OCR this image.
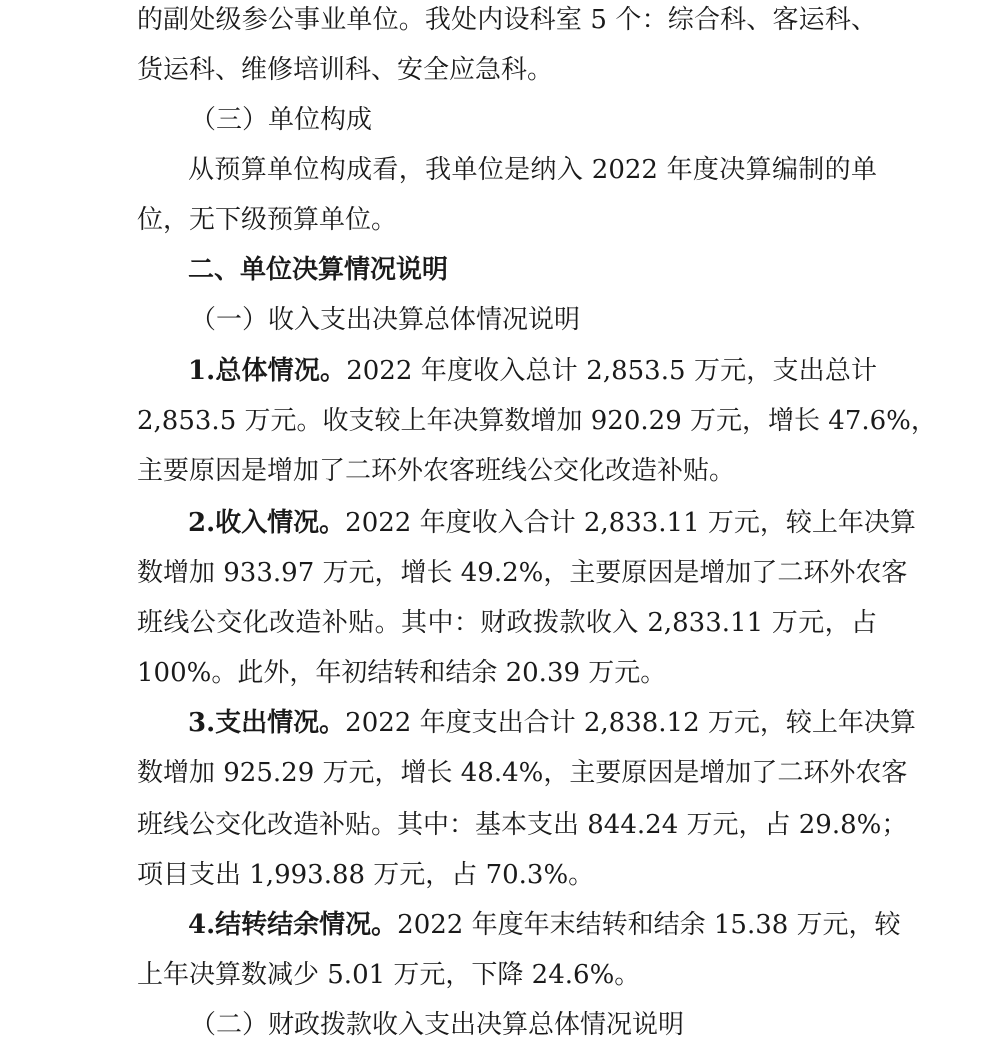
的副处级参公事业单位。我处内设科室 5 个：综合科、客运科、
货运科、维修培训科、安全应急科。
（三）单位构成
从预算单位构成看，我单位是纳入 2022 年度决算编制的单
位，无下级预算单位。
二、单位决算情况说明
（一）收入支出决算总体情况说明
1.总体情况。2022 年度收入总计 2,853.5 万元，支出总计
2,853.5 万元。收支较上年决算数增加 920.29 万元，增长 47.6%，
主要原因是增加了二环外农客班线公交化改造补贴。
2.收入情况。2022 年度收入合计 2,833.11 万元，较上年决算
数增加 933.97 万元，增长 49.2%，主要原因是增加了二环外农客
班线公交化改造补贴。其中：财政拨款收入 2,833.11 万元，占
100%。此外，年初结转和结余 20.39 万元。
3.支出情况。2022 年度支出合计 2,838.12 万元，较上年决算
数增加 925.29 万元，增长 48.4%，主要原因是增加了二环外农客
班线公交化改造补贴。其中：基本支出 844.24 万元，占 29.8%；
项目支出 1,993.88 万元，占 70.3%。
4.结转结余情况。2022 年度年末结转和结余 15.38 万元，较
上年决算数减少 5.01 万元，下降 24.6%。
（二）财政拨款收入支出决算总体情况说明
